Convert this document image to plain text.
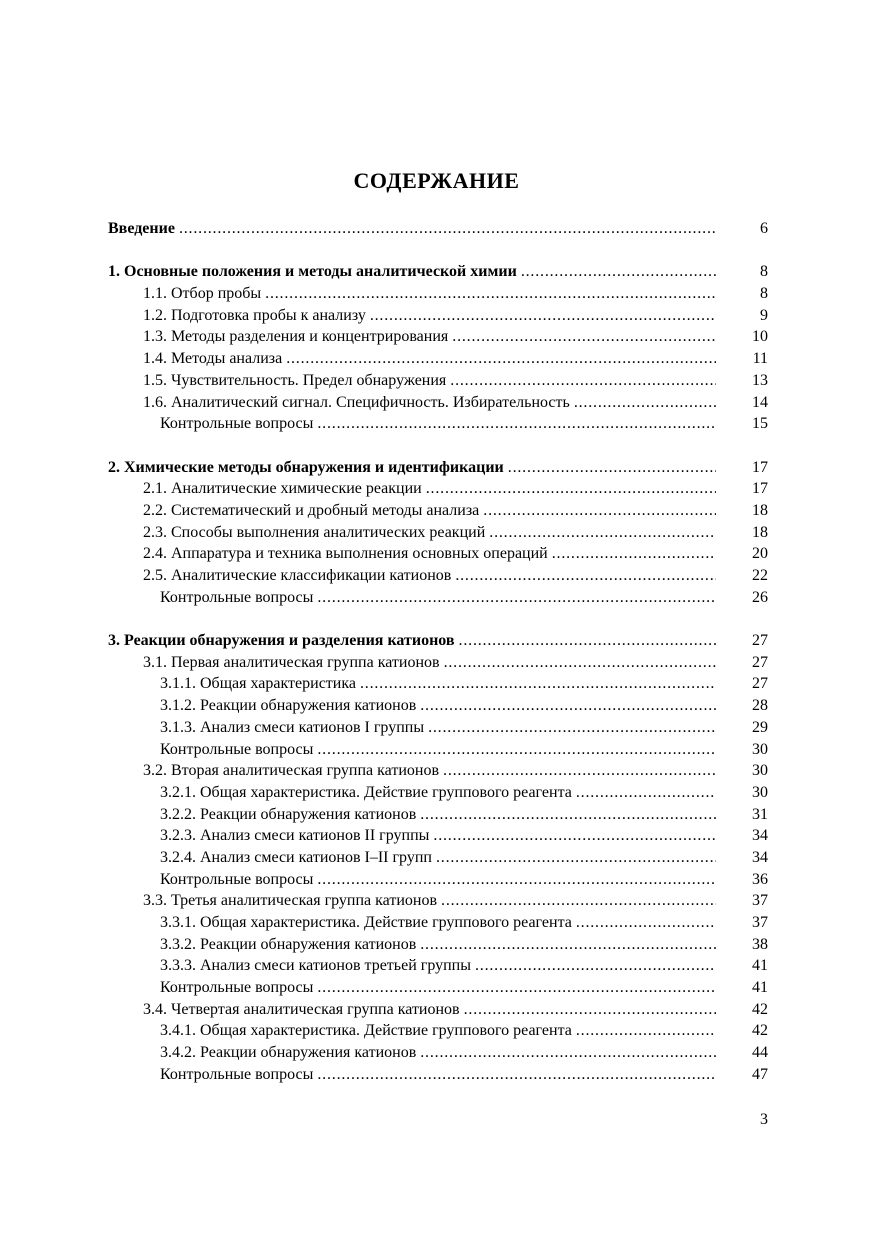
СОДЕРЖАНИЕ
Введение . . .	6
1. Основные положения и методы аналитической химии . . .	8
1.1. Отбор пробы . . .	8
1.2. Подготовка пробы к анализу . . .	9
1.3. Методы разделения и концентрирования . . .	10
1.4. Методы анализа . . .	11
1.5. Чувствительность. Предел обнаружения . . .	13
1.6. Аналитический сигнал. Специфичность. Избирательность . . .	14
Контрольные вопросы . . .	15
2. Химические методы обнаружения и идентификации . . .	17
2.1. Аналитические химические реакции . . .	17
2.2. Систематический и дробный методы анализа . . .	18
2.3. Способы выполнения аналитических реакций . . .	18
2.4. Аппаратура и техника выполнения основных операций . . .	20
2.5. Аналитические классификации катионов . . .	22
Контрольные вопросы . . .	26
3. Реакции обнаружения и разделения катионов . . .	27
3.1. Первая аналитическая группа катионов . . .	27
3.1.1. Общая характеристика . . .	27
3.1.2. Реакции обнаружения катионов . . .	28
3.1.3. Анализ смеси катионов I группы . . .	29
Контрольные вопросы . . .	30
3.2. Вторая аналитическая группа катионов . . .	30
3.2.1. Общая характеристика. Действие группового реагента . . .	30
3.2.2. Реакции обнаружения катионов . . .	31
3.2.3. Анализ смеси катионов II группы . . .	34
3.2.4. Анализ смеси катионов I–II групп . . .	34
Контрольные вопросы . . .	36
3.3. Третья аналитическая группа катионов . . .	37
3.3.1. Общая характеристика. Действие группового реагента . . .	37
3.3.2. Реакции обнаружения катионов . . .	38
3.3.3. Анализ смеси катионов третьей группы . . .	41
Контрольные вопросы . . .	41
3.4. Четвертая аналитическая группа катионов . . .	42
3.4.1. Общая характеристика. Действие группового реагента . . .	42
3.4.2. Реакции обнаружения катионов . . .	44
Контрольные вопросы . . .	47
3
